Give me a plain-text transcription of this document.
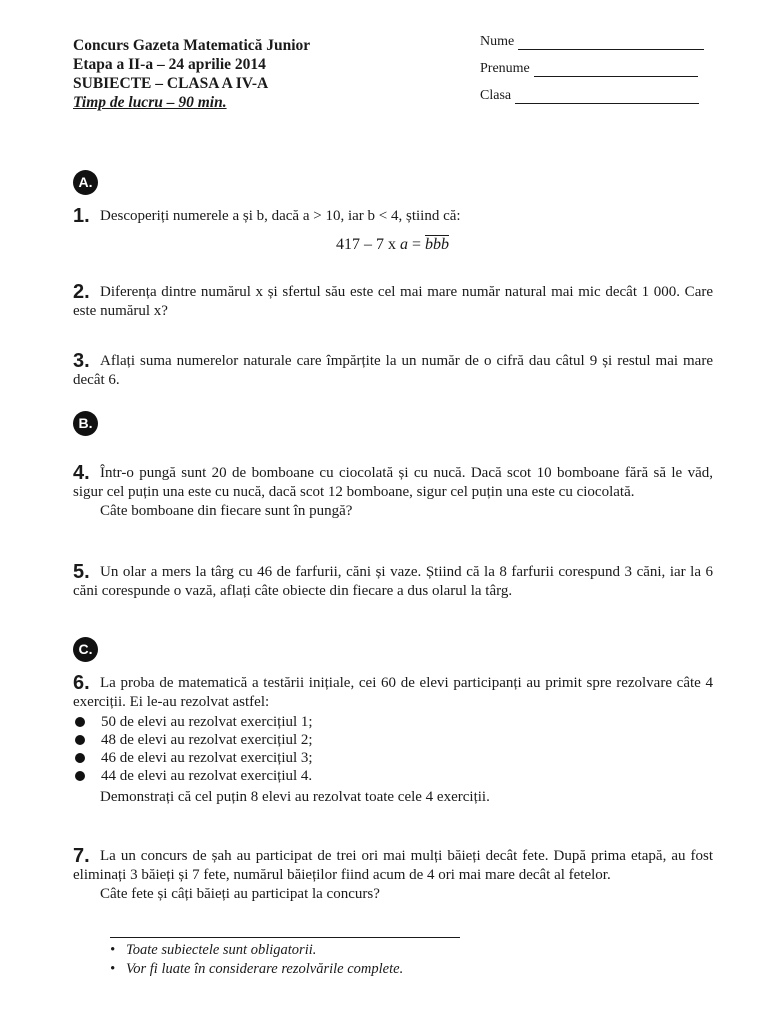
Concurs Gazeta Matematică Junior
Etapa a II-a – 24 aprilie 2014
SUBIECTE – CLASA A IV-A
Timp de lucru – 90 min.
Nume
Prenume
Clasa
A.
1. Descoperiți numerele a și b, dacă a > 10, iar b < 4, știind că:
417 – 7 x a = bbb
2. Diferența dintre numărul x și sfertul său este cel mai mare număr natural mai mic decât 1 000. Care este numărul x?
3. Aflați suma numerelor naturale care împărțite la un număr de o cifră dau câtul 9 și restul mai mare decât 6.
B.
4. Într-o pungă sunt 20 de bomboane cu ciocolată și cu nucă. Dacă scot 10 bomboane fără să le văd, sigur cel puțin una este cu nucă, dacă scot 12 bomboane, sigur cel puțin una este cu ciocolată.
Câte bomboane din fiecare sunt în pungă?
5. Un olar a mers la târg cu 46 de farfurii, căni și vaze. Știind că la 8 farfurii corespund 3 căni, iar la 6 căni corespunde o vază, aflați câte obiecte din fiecare a dus olarul la târg.
C.
6. La proba de matematică a testării inițiale, cei 60 de elevi participanți au primit spre rezolvare câte 4 exerciții. Ei le-au rezolvat astfel:
50 de elevi au rezolvat exercițiul 1;
48 de elevi au rezolvat exercițiul 2;
46 de elevi au rezolvat exercițiul 3;
44 de elevi au rezolvat exercițiul 4.
Demonstrați că cel puțin 8 elevi au rezolvat toate cele 4 exerciții.
7. La un concurs de șah au participat de trei ori mai mulți băieți decât fete. După prima etapă, au fost eliminați 3 băieți și 7 fete, numărul băieților fiind acum de 4 ori mai mare decât al fetelor.
Câte fete și câți băieți au participat la concurs?
• Toate subiectele sunt obligatorii.
• Vor fi luate în considerare rezolvările complete.
